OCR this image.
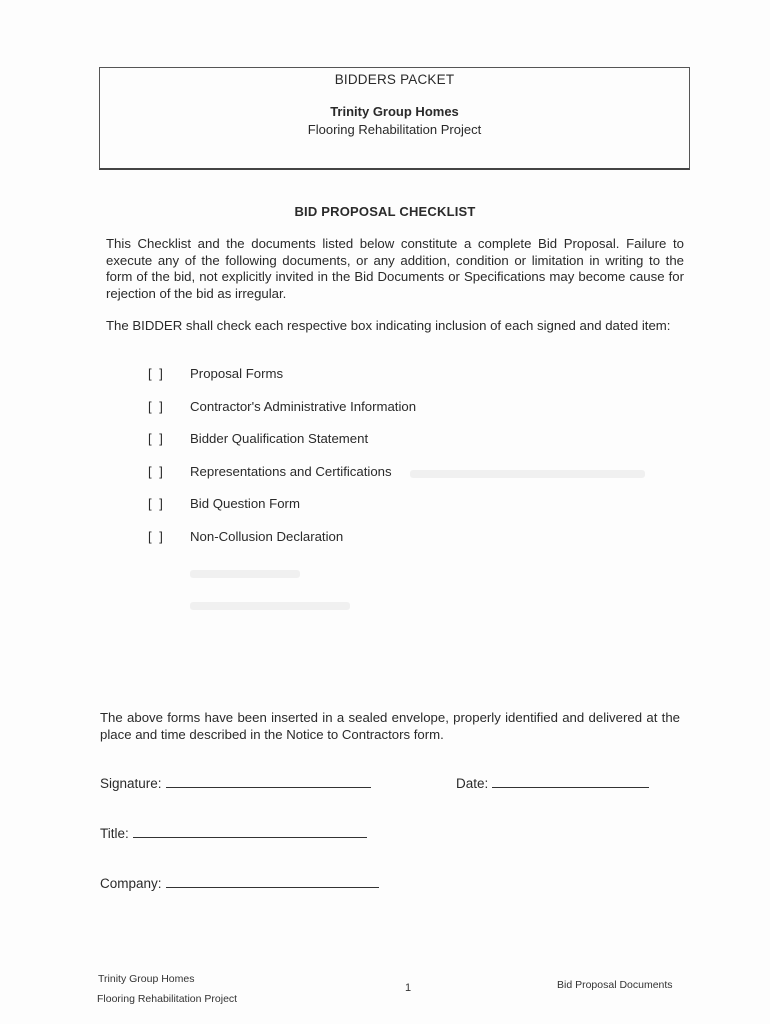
BIDDERS PACKET
Trinity Group Homes
Flooring Rehabilitation Project
BID PROPOSAL CHECKLIST
This Checklist and the documents listed below constitute a complete Bid Proposal. Failure to execute any of the following documents, or any addition, condition or limitation in writing to the form of the bid, not explicitly invited in the Bid Documents or Specifications may become cause for rejection of the bid as irregular.
The BIDDER shall check each respective box indicating inclusion of each signed and dated item:
[ ]	Proposal Forms
[ ]	Contractor's Administrative Information
[ ]	Bidder Qualification Statement
[ ]	Representations and Certifications
[ ]	Bid Question Form
[ ]	Non-Collusion Declaration
The above forms have been inserted in a sealed envelope, properly identified and delivered at the place and time described in the Notice to Contractors form.
Signature:	Date:
Title:
Company:
Trinity Group Homes
Flooring Rehabilitation Project
1	Bid Proposal Documents
